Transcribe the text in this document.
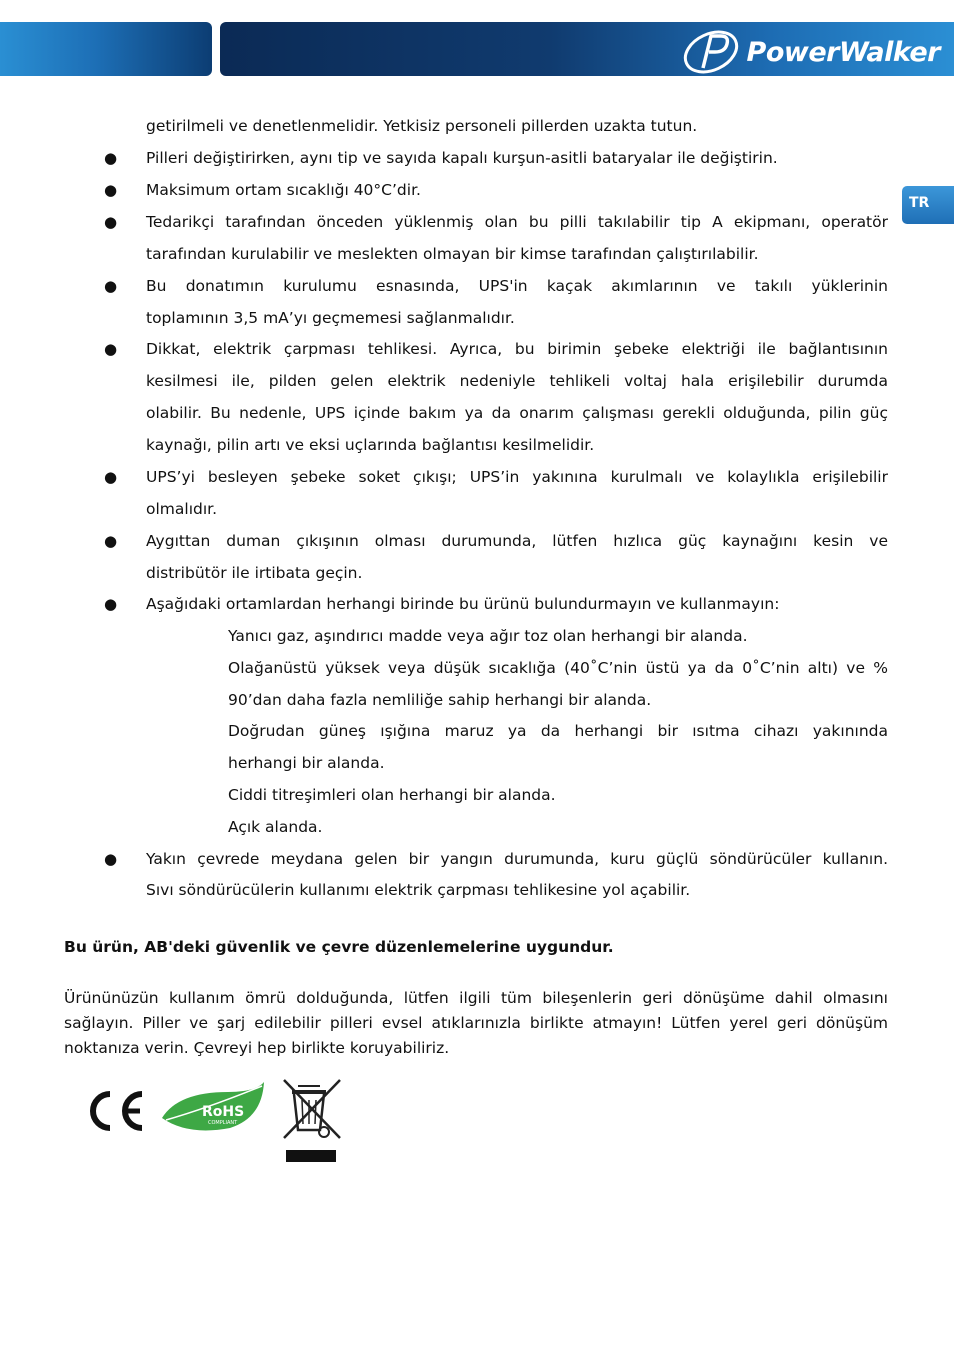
PowerWalker
TR
getirilmeli ve denetlenmelidir. Yetkisiz personeli pillerden uzakta tutun.
● Pilleri değiştirirken, aynı tip ve sayıda kapalı kurşun-asitli bataryalar ile değiştirin.
● Maksimum ortam sıcaklığı 40°C’dir.
● Tedarikçi tarafından önceden yüklenmiş olan bu pilli takılabilir tip A ekipmanı, operatör
tarafından kurulabilir ve meslekten olmayan bir kimse tarafından çalıştırılabilir.
● Bu donatımın kurulumu esnasında, UPS'in kaçak akımlarının ve takılı yüklerinin
toplamının 3,5 mA’yı geçmemesi sağlanmalıdır.
● Dikkat, elektrik çarpması tehlikesi. Ayrıca, bu birimin şebeke elektriği ile bağlantısının
kesilmesi ile, pilden gelen elektrik nedeniyle tehlikeli voltaj hala erişilebilir durumda
olabilir. Bu nedenle, UPS içinde bakım ya da onarım çalışması gerekli olduğunda, pilin güç
kaynağı, pilin artı ve eksi uçlarında bağlantısı kesilmelidir.
● UPS’yi besleyen şebeke soket çıkışı; UPS’in yakınına kurulmalı ve kolaylıkla erişilebilir
olmalıdır.
● Aygıttan duman çıkışının olması durumunda, lütfen hızlıca güç kaynağını kesin ve
distribütör ile irtibata geçin.
● Aşağıdaki ortamlardan herhangi birinde bu ürünü bulundurmayın ve kullanmayın:
Yanıcı gaz, aşındırıcı madde veya ağır toz olan herhangi bir alanda.
Olağanüstü yüksek veya düşük sıcaklığa (40˚C’nin üstü ya da 0˚C’nin altı) ve %
90’dan daha fazla nemliliğe sahip herhangi bir alanda.
Doğrudan güneş ışığına maruz ya da herhangi bir ısıtma cihazı yakınında
herhangi bir alanda.
Ciddi titreşimleri olan herhangi bir alanda.
Açık alanda.
● Yakın çevrede meydana gelen bir yangın durumunda, kuru güçlü söndürücüler kullanın.
Sıvı söndürücülerin kullanımı elektrik çarpması tehlikesine yol açabilir.
Bu ürün, AB'deki güvenlik ve çevre düzenlemelerine uygundur.
Ürününüzün kullanım ömrü dolduğunda, lütfen ilgili tüm bileşenlerin geri dönüşüme dahil olmasını
sağlayın. Piller ve şarj edilebilir pilleri evsel atıklarınızla birlikte atmayın! Lütfen yerel geri dönüşüm
noktanıza verin. Çevreyi hep birlikte koruyabiliriz.
RoHS
COMPLIANT
